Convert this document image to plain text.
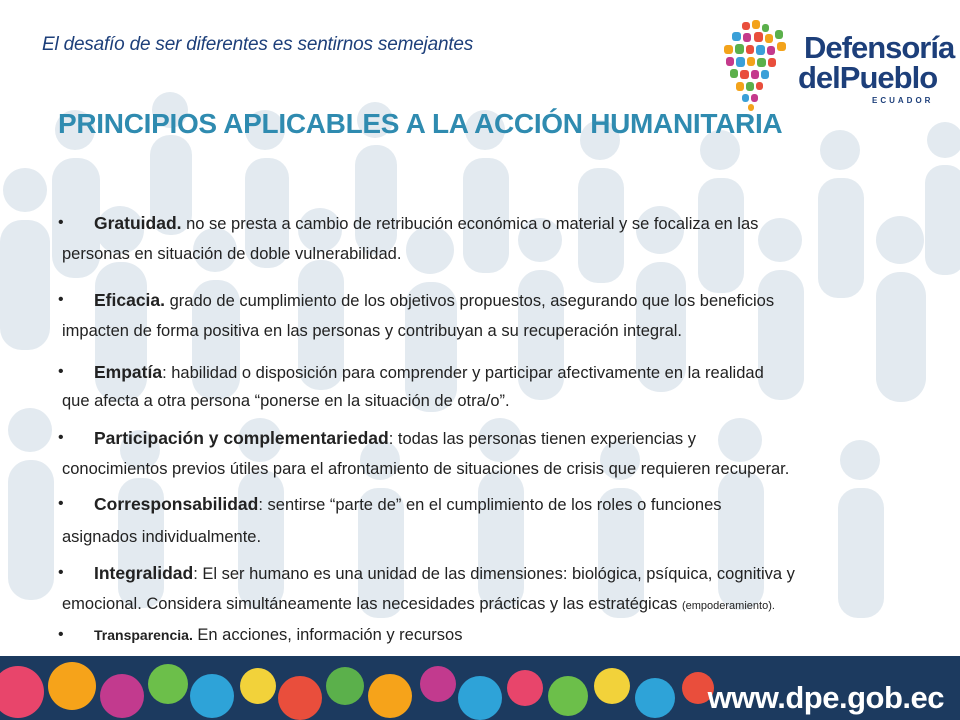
El desafío de ser diferentes es sentirnos semejantes	Defensoría
delPueblo
ECUADOR
PRINCIPIOS APLICABLES A LA ACCIÓN HUMANITARIA
•	Gratuidad. no se presta a cambio de retribución económica o material y se focaliza en las
personas en situación de doble vulnerabilidad.
•	Eficacia. grado de cumplimiento de los objetivos propuestos, asegurando que los beneficios
impacten de forma positiva en las personas y contribuyan a su recuperación integral.
•	Empatía: habilidad o disposición para comprender y participar afectivamente en la realidad
que afecta a otra persona “ponerse en la situación de otra/o”.
•	Participación y complementariedad: todas las personas tienen experiencias y
conocimientos previos útiles para el afrontamiento de situaciones de crisis que requieren recuperar.
•	Corresponsabilidad: sentirse “parte de” en el cumplimiento de los roles o funciones
asignados individualmente.
•	Integralidad: El ser humano es una unidad de las dimensiones: biológica, psíquica, cognitiva y
emocional. Considera simultáneamente las necesidades prácticas y las estratégicas (empoderamiento).
•	Transparencia. En acciones, información y recursos
www.dpe.gob.ec
